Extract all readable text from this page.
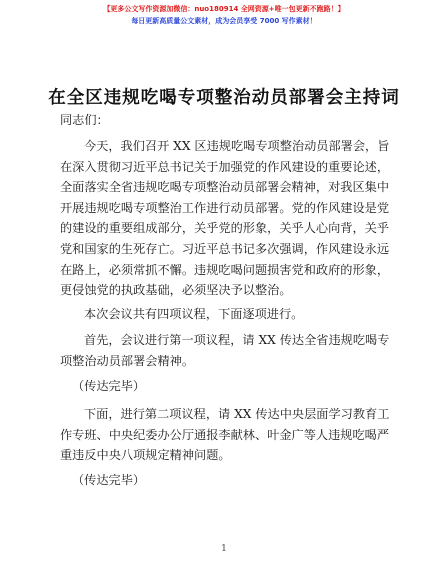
【更多公文写作资源加微信：nuo180914 全网资源+唯一包更新不跑路！】
每日更新高质量公文素材，成为会员享受 7000 写作素材！
在全区违规吃喝专项整治动员部署会主持词
同志们：
今天，我们召开 XX 区违规吃喝专项整治动员部署会，旨
在深入贯彻习近平总书记关于加强党的作风建设的重要论述，
全面落实全省违规吃喝专项整治动员部署会精神，对我区集中
开展违规吃喝专项整治工作进行动员部署。党的作风建设是党
的建设的重要组成部分，关乎党的形象，关乎人心向背，关乎
党和国家的生死存亡。习近平总书记多次强调，作风建设永远
在路上，必须常抓不懈。违规吃喝问题损害党和政府的形象，
更侵蚀党的执政基础，必须坚决予以整治。
本次会议共有四项议程，下面逐项进行。
首先，会议进行第一项议程，请 XX 传达全省违规吃喝专
项整治动员部署会精神。
（传达完毕）
下面，进行第二项议程，请 XX 传达中央层面学习教育工
作专班、中央纪委办公厅通报李献林、叶金广等人违规吃喝严
重违反中央八项规定精神问题。
（传达完毕）
1
